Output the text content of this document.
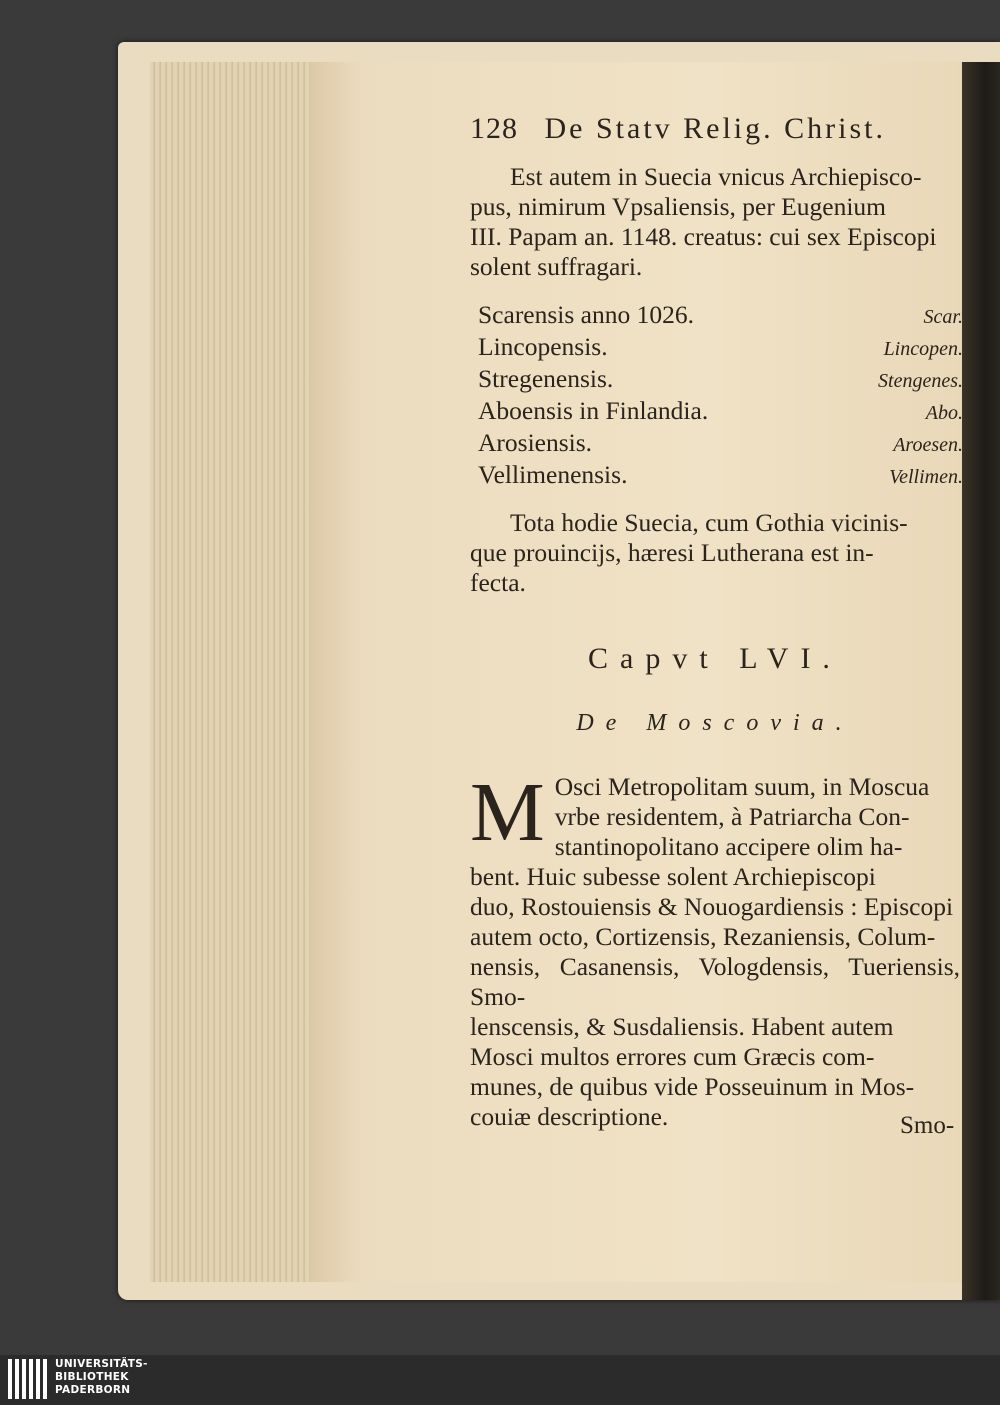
128 De Statv Relig. Christ.
Est autem in Suecia vnicus Archiepisco-
pus, nimirum Vpsaliensis, per Eugenium
III. Papam an. 1148. creatus: cui sex Episcopi
solent suffragari.
Scarensis anno 1026.	Scar.
Lincopensis.	Lincopen.
Stregenensis.	Stengenes.
Aboensis in Finlandia.	Abo.
Arosiensis.	Aroesen.
Vellimenensis.	Vellimen.
Tota hodie Suecia, cum Gothia vicinis-
que prouincijs, hæresi Lutherana est in-
fecta.
Capvt LVI.
De Moscovia.
M Osci Metropolitam suum, in Moscua
vrbe residentem, à Patriarcha Con-
stantinopolitano accipere olim ha-
bent. Huic subesse solent Archiepiscopi
duo, Rostouiensis & Nouogardiensis : Episcopi
autem octo, Cortizensis, Rezaniensis, Colum-
nensis, Casanensis, Vologdensis, Tueriensis, Smo-
lenscensis, & Susdaliensis. Habent autem
Mosci multos errores cum Græcis com-
munes, de quibus vide Posseuinum in Mos-
couiæ descriptione.	Smo-
UNIVERSITÄTS-
BIBLIOTHEK
PADERBORN
